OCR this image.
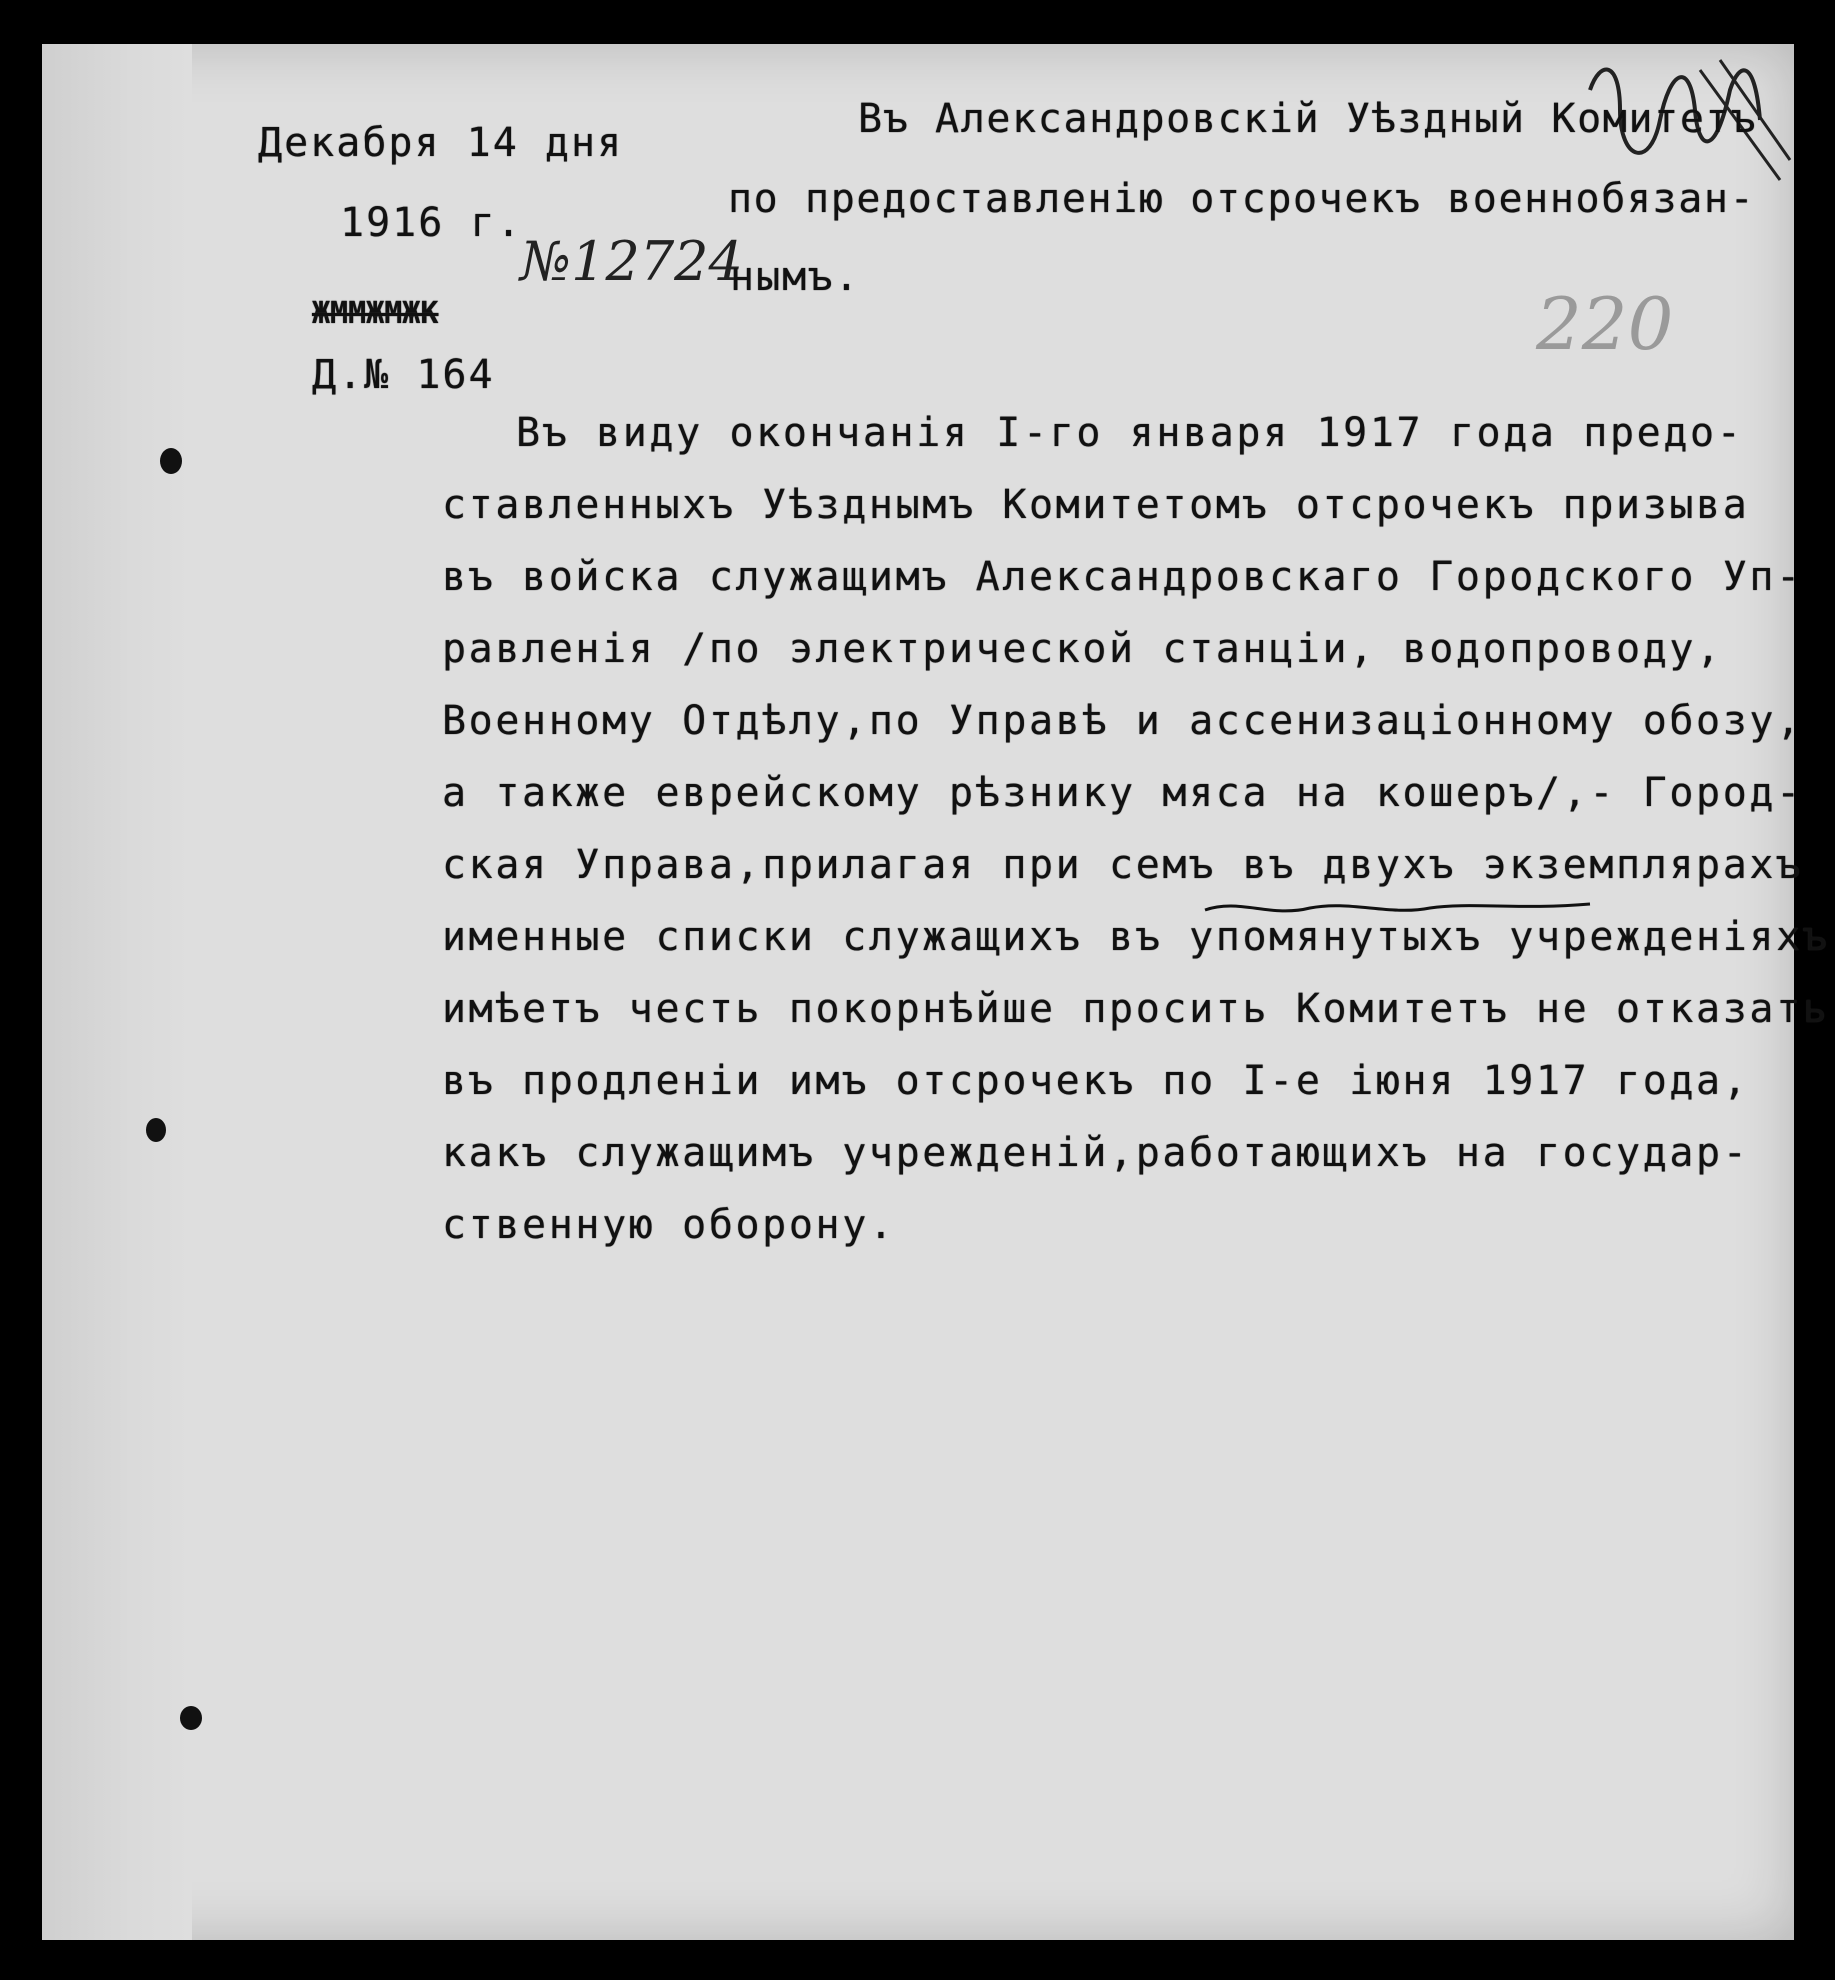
Декабря 14 дня
1916 г.
ЖММЖМЖК
Д.№ 164
№12724
Въ Александровскій Уѣздный Комитетъ
по предоставленію отсрочекъ военнобязан-
нымъ.
220
Въ виду окончанія I-го января 1917 года предо-
ставленныхъ Уѣзднымъ Комитетомъ отсрочекъ призыва
въ войска служащимъ Александровскаго Городского Уп-
равленія /по электрической станціи, водопроводу,
Военному Отдѣлу,по Управѣ и ассенизаціонному обозу,
а также еврейскому рѣзнику мяса на кошеръ/,- Город-
ская Управа,прилагая при семъ въ двухъ экземплярахъ
именные списки служащихъ въ упомянутыхъ учрежденіяхъ
имѣетъ честь покорнѣйше просить Комитетъ не отказать
въ продленіи имъ отсрочекъ по I-е іюня 1917 года,
какъ служащимъ учрежденій,работающихъ на государ-
ственную оборону.
